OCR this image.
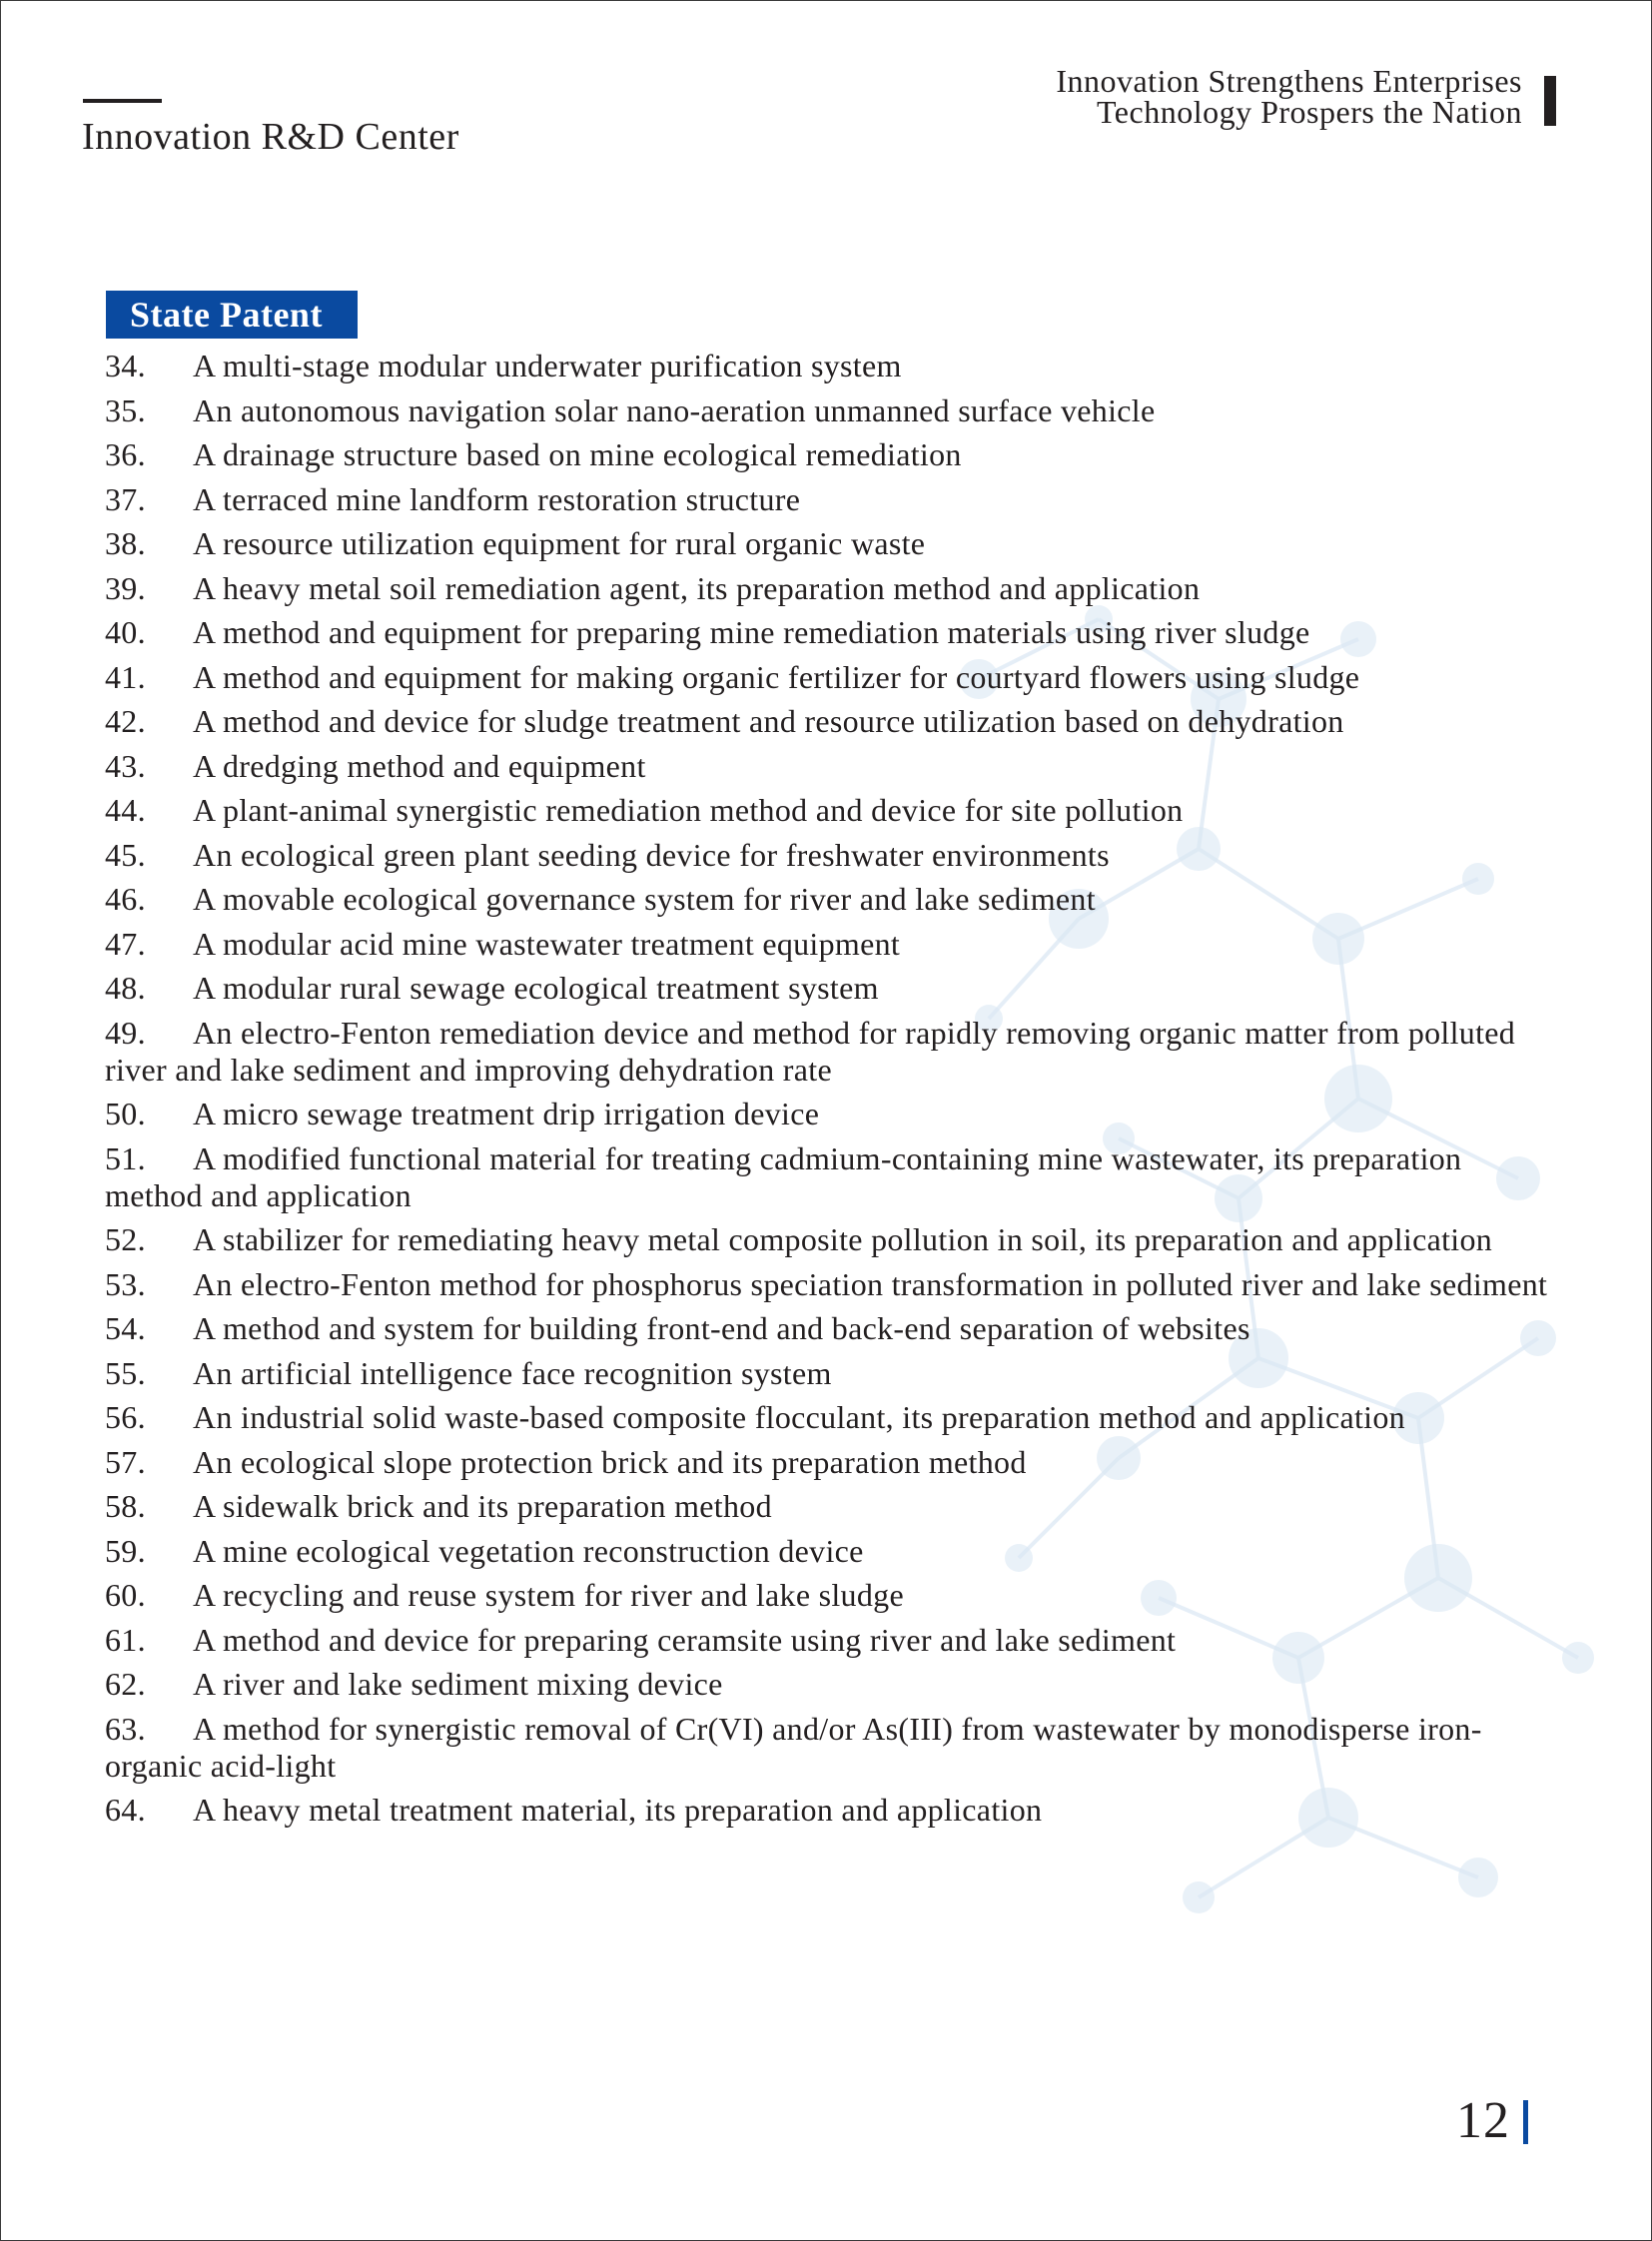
Innovation R&D Center
Innovation Strengthens Enterprises
Technology Prospers the Nation
State Patent
34. A multi-stage modular underwater purification system
35. An autonomous navigation solar nano-aeration unmanned surface vehicle
36. A drainage structure based on mine ecological remediation
37. A terraced mine landform restoration structure
38. A resource utilization equipment for rural organic waste
39. A heavy metal soil remediation agent, its preparation method and application
40. A method and equipment for preparing mine remediation materials using river sludge
41. A method and equipment for making organic fertilizer for courtyard flowers using sludge
42. A method and device for sludge treatment and resource utilization based on dehydration
43. A dredging method and equipment
44. A plant-animal synergistic remediation method and device for site pollution
45. An ecological green plant seeding device for freshwater environments
46. A movable ecological governance system for river and lake sediment
47. A modular acid mine wastewater treatment equipment
48. A modular rural sewage ecological treatment system
49. An electro-Fenton remediation device and method for rapidly removing organic matter from polluted river and lake sediment and improving dehydration rate
50. A micro sewage treatment drip irrigation device
51. A modified functional material for treating cadmium-containing mine wastewater, its preparation method and application
52. A stabilizer for remediating heavy metal composite pollution in soil, its preparation and application
53. An electro-Fenton method for phosphorus speciation transformation in polluted river and lake sediment
54. A method and system for building front-end and back-end separation of websites
55. An artificial intelligence face recognition system
56. An industrial solid waste-based composite flocculant, its preparation method and application
57. An ecological slope protection brick and its preparation method
58. A sidewalk brick and its preparation method
59. A mine ecological vegetation reconstruction device
60. A recycling and reuse system for river and lake sludge
61. A method and device for preparing ceramsite using river and lake sediment
62. A river and lake sediment mixing device
63. A method for synergistic removal of Cr(VI) and/or As(III) from wastewater by monodisperse iron-organic acid-light
64. A heavy metal treatment material, its preparation and application
12
